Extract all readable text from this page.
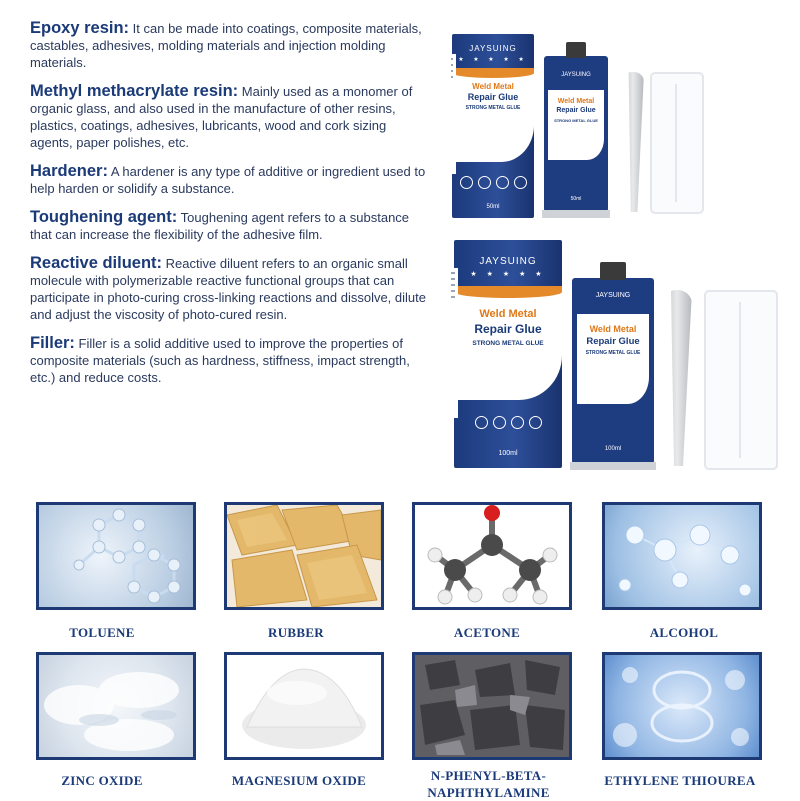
Epoxy resin: It can be made into coatings, composite materials, castables, adhesives, molding materials and injection molding materials.

Methyl methacrylate resin: Mainly used as a monomer of organic glass, and also used in the manufacture of other resins, plastics, coatings, adhesives, lubricants, wood and cork sizing agents, paper polishes, etc.

Hardener: A hardener is any type of additive or ingredient used to help harden or solidify a substance.

Toughening agent: Toughening agent refers to a substance that can increase the flexibility of the adhesive film.

Reactive diluent: Reactive diluent refers to an organic small molecule with polymerizable reactive functional groups that can participate in photo-curing cross-linking reactions and dissolve, dilute and adjust the viscosity of photo-cured resin.

Filler: Filler is a solid additive used to improve the properties of composite materials (such as hardness, stiffness, impact strength, etc.) and reduce costs.

JAYSUING
★ ★ ★ ★ ★
Weld Metal
Repair Glue
STRONG METAL GLUE
50ml
JAYSUING
Weld Metal
Repair Glue
STRONG METAL GLUE
50ml
JAYSUING
★ ★ ★ ★ ★
Weld Metal
Repair Glue
STRONG METAL GLUE
100ml
JAYSUING
Weld Metal
Repair Glue
STRONG METAL GLUE
100ml
TOLUENE	RUBBER	ACETONE	ALCOHOL
ZINC OXIDE	MAGNESIUM OXIDE	N-PHENYL-BETA-
NAPHTHYLAMINE
ETHYLENE THIOUREA
